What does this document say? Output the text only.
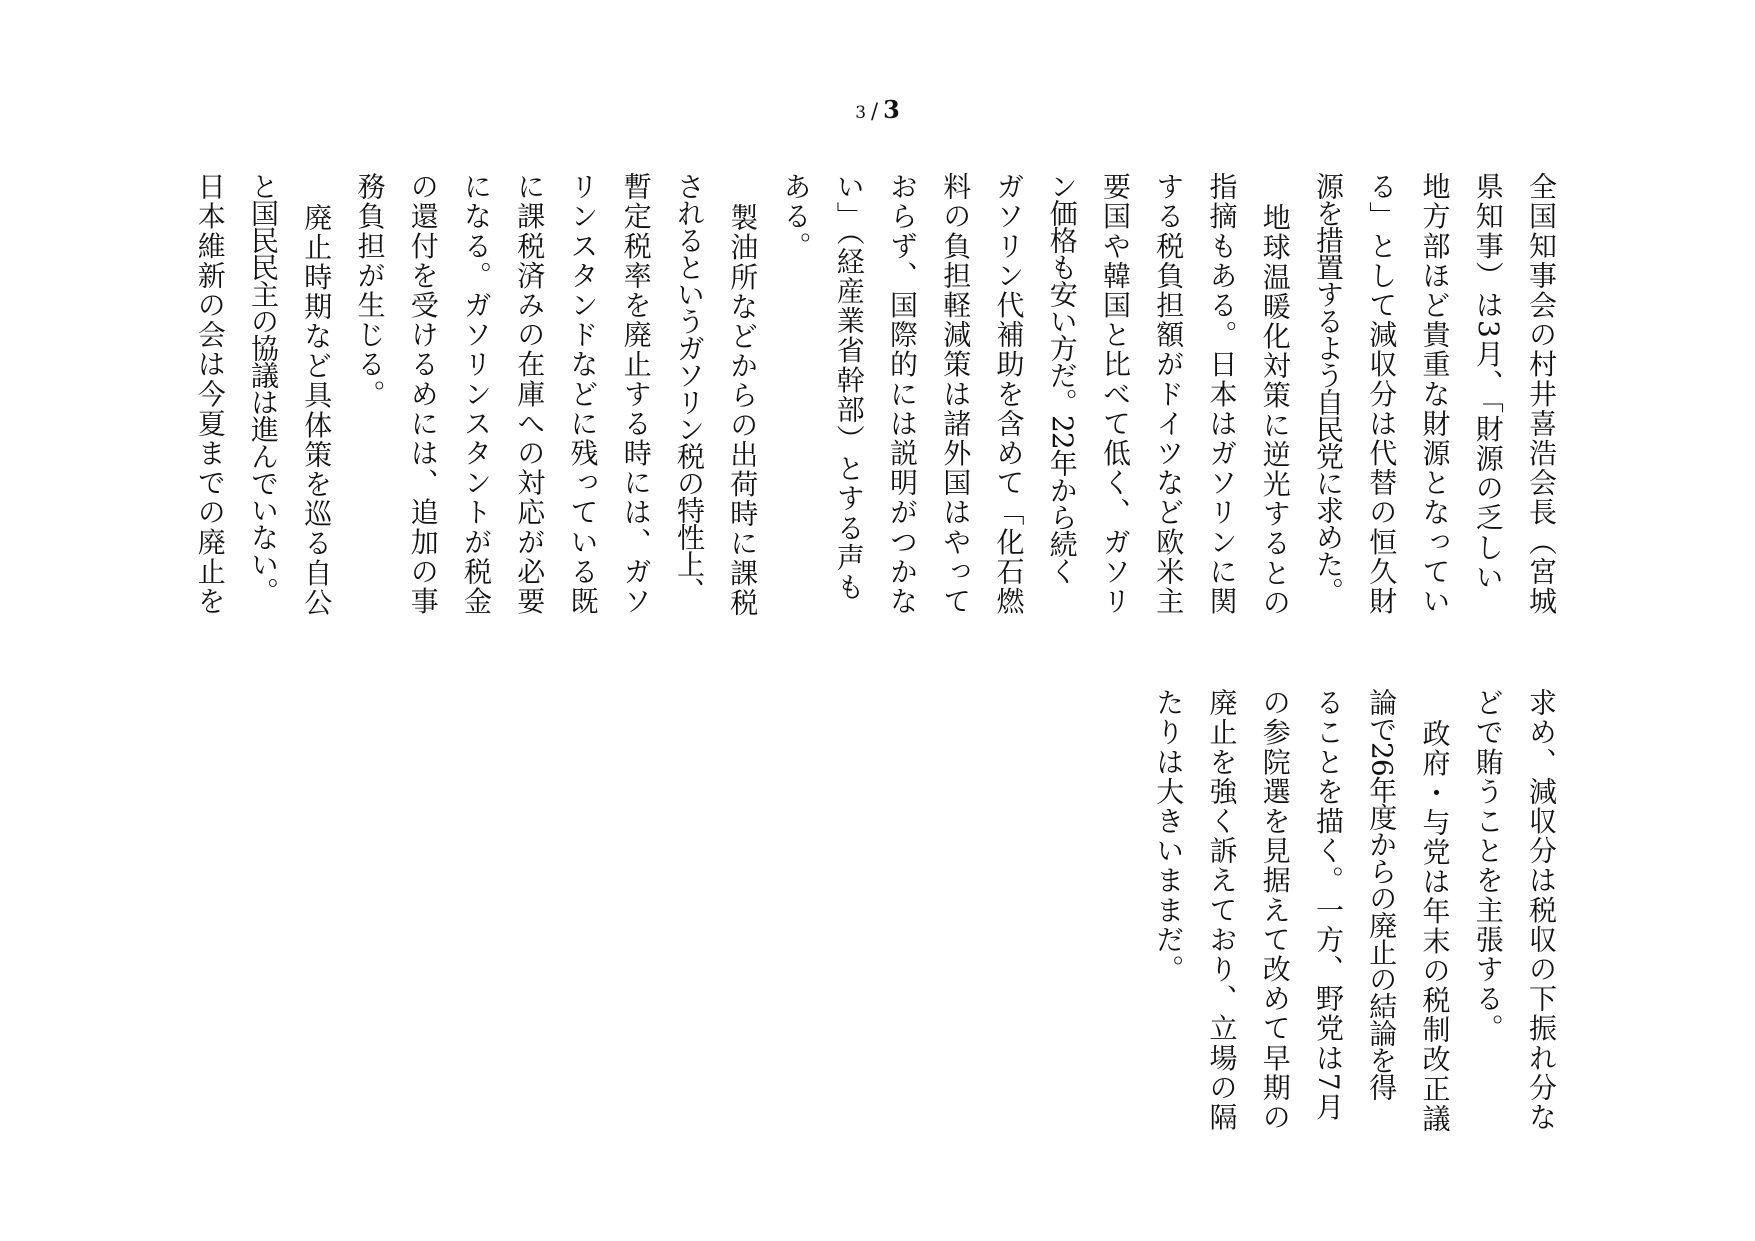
3 / 3
全国知事会の村井喜浩会長（宮城
県知事）は3月、「財源の乏しい
地方部ほど貴重な財源となってい
る」として減収分は代替の恒久財
源を措置するよう自民党に求めた。
地球温暖化対策に逆光するとの
指摘もある。日本はガソリンに関
する税負担額がドイツなど欧米主
要国や韓国と比べて低く、ガソリ
ン価格も安い方だ。22年から続く
ガソリン代補助を含めて「化石燃
料の負担軽減策は諸外国はやって
おらず、国際的には説明がつかな
い」（経産業省幹部）とする声も
ある。
製油所などからの出荷時に課税
されるというガソリン税の特性上、
暫定税率を廃止する時には、ガソ
リンスタンドなどに残っている既
に課税済みの在庫への対応が必要
になる。ガソリンスタントが税金
の還付を受けるめには、追加の事
務負担が生じる。
廃止時期など具体策を巡る自公
と国民民主の協議は進んでいない。
日本維新の会は今夏までの廃止を
求め、減収分は税収の下振れ分な
どで賄うことを主張する。
政府・与党は年末の税制改正議
論で26年度からの廃止の結論を得
ることを描く。一方、野党は7月
の参院選を見据えて改めて早期の
廃止を強く訴えており、立場の隔
たりは大きいままだ。
